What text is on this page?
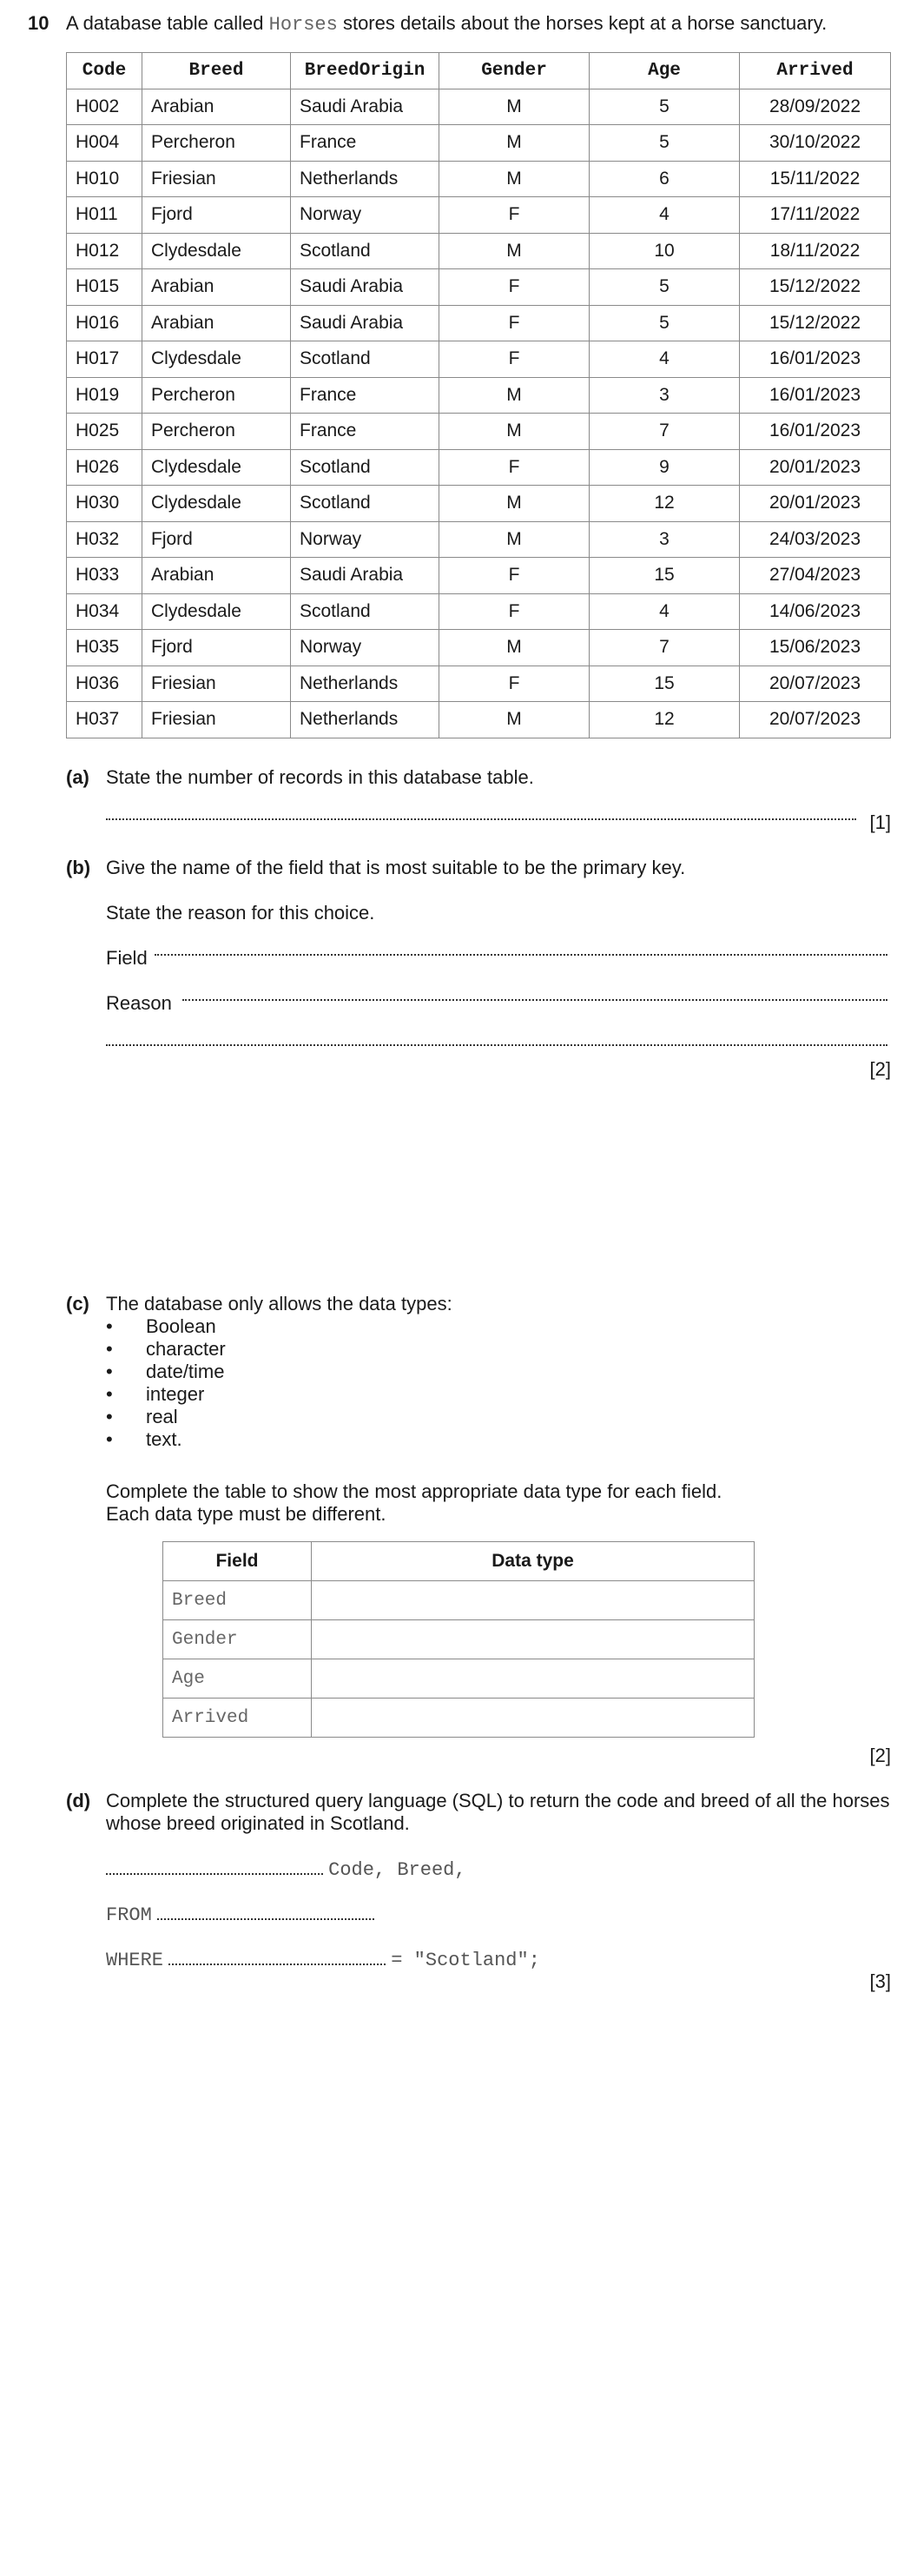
10 A database table called Horses stores details about the horses kept at a horse sanctuary.
Code	Breed	BreedOrigin	Gender	Age	Arrived
H002	Arabian	Saudi Arabia	M	5	28/09/2022
H004	Percheron	France	M	5	30/10/2022
H010	Friesian	Netherlands	M	6	15/11/2022
H011	Fjord	Norway	F	4	17/11/2022
H012	Clydesdale	Scotland	M	10	18/11/2022
H015	Arabian	Saudi Arabia	F	5	15/12/2022
H016	Arabian	Saudi Arabia	F	5	15/12/2022
H017	Clydesdale	Scotland	F	4	16/01/2023
H019	Percheron	France	M	3	16/01/2023
H025	Percheron	France	M	7	16/01/2023
H026	Clydesdale	Scotland	F	9	20/01/2023
H030	Clydesdale	Scotland	M	12	20/01/2023
H032	Fjord	Norway	M	3	24/03/2023
H033	Arabian	Saudi Arabia	F	15	27/04/2023
H034	Clydesdale	Scotland	F	4	14/06/2023
H035	Fjord	Norway	M	7	15/06/2023
H036	Friesian	Netherlands	F	15	20/07/2023
H037	Friesian	Netherlands	M	12	20/07/2023
(a) State the number of records in this database table.
[1]
(b) Give the name of the field that is most suitable to be the primary key.
State the reason for this choice.
Field
Reason
[2]
(c) The database only allows the data types:
• Boolean
• character
• date/time
• integer
• real
• text.
Complete the table to show the most appropriate data type for each field.
Each data type must be different.
Field	Data type
Breed	
Gender	
Age	
Arrived	
[2]
(d) Complete the structured query language (SQL) to return the code and breed of all the horses
whose breed originated in Scotland.
Code, Breed,
FROM
WHERE	= "Scotland";
[3]
